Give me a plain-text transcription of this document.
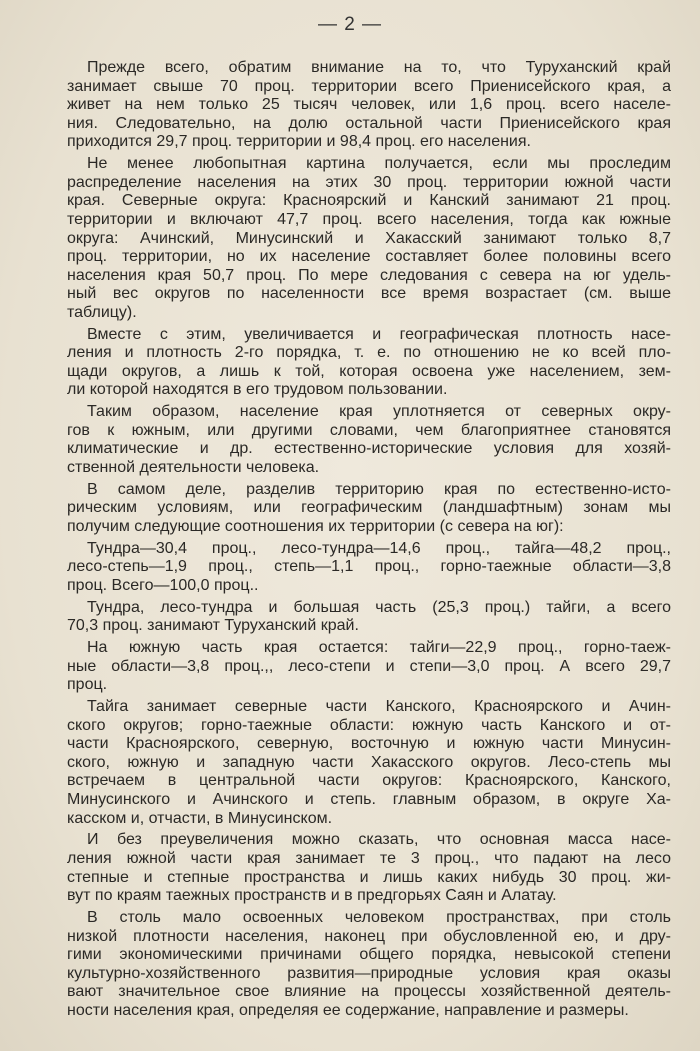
— 2 —
Прежде всего, обратим внимание на то, что Туруханский край
занимает свыше 70 проц. территории всего Приенисейского края, а
живет на нем только 25 тысяч человек, или 1,6 проц. всего населе-
ния. Следовательно, на долю остальной части Приенисейского края
приходится 29,7 проц. территории и 98,4 проц. его населения.
Не менее любопытная картина получается, если мы проследим
распределение населения на этих 30 проц. территории южной части
края. Северные округа: Красноярский и Канский занимают 21 проц.
территории и включают 47,7 проц. всего населения, тогда как южные
округа: Ачинский, Минусинский и Хакасский занимают только 8,7
проц. территории, но их население составляет более половины всего
населения края 50,7 проц. По мере следования с севера на юг удель-
ный вес округов по населенности все время возрастает (см. выше
таблицу).
Вместе с этим, увеличивается и географическая плотность насе-
ления и плотность 2-го порядка, т. е. по отношению не ко всей пло-
щади округов, а лишь к той, которая освоена уже населением, зем-
ли которой находятся в его трудовом пользовании.
Таким образом, население края уплотняется от северных окру-
гов к южным, или другими словами, чем благоприятнее становятся
климатические и др. естественно-исторические условия для хозяй-
ственной деятельности человека.
В самом деле, разделив территорию края по естественно-истo-
рическим условиям, или географическим (ландшафтным) зонам мы
получим следующие соотношения их территории (с севера на юг):
Тундра—30,4 проц., лесо-тундра—14,6 проц., тайга—48,2 проц.,
лесо-степь—1,9 проц., степь—1,1 проц., горно-таежные области—3,8
проц. Всего—100,0 проц..
Тундра, лесо-тундра и большая часть (25,3 проц.) тайги, а всего
70,3 проц. занимают Туруханский край.
На южную часть края остается: тайги—22,9 проц., горно-таеж-
ные области—3,8 проц.,, лесо-степи и степи—3,0 проц. А всего 29,7
проц.
Тайга занимает северные части Канского, Красноярского и Ачин-
ского округов; горно-таежные области: южную часть Канского и от-
части Красноярского, северную, восточную и южную части Минусин-
ского, южную и западную части Хакасского округов. Лесо-степь мы
встречаем в центральной части округов: Красноярского, Канского,
Минусинского и Ачинского и степь. главным образом, в округе Ха-
касском и, отчасти, в Минусинском.
И без преувеличения можно сказать, что основная масса насе-
ления южной части края занимает те 3 проц., что падают на лесо
степные и степные пространства и лишь каких нибудь 30 проц. жи-
вут по краям таежных пространств и в предгорьях Саян и Алатау.
В столь мало освоенных человеком пространствах, при столь
низкой плотности населения, наконец при обусловленной ею, и дру-
гими экономическими причинами общего порядка, невысокой степени
культурно-хозяйственного развития—природные условия края оказы
вают значительное свое влияние на процессы хозяйственной деятель-
ности населения края, определяя ее содержание, направление и размеры.
